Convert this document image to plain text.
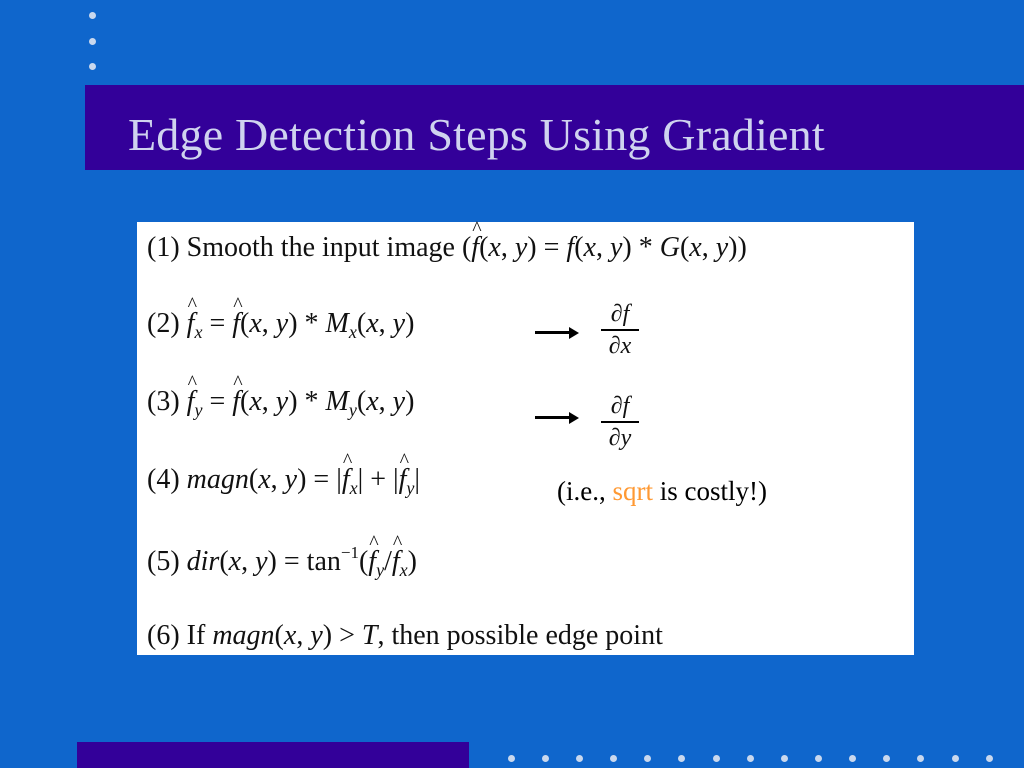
Edge Detection Steps Using Gradient
(1) Smooth the input image (^ f(x, y) = f(x, y) * G(x, y))
(2) ^ $f_x$ = ^ f(x, $y) * M_x(x$, y)	∂f
∂x
(3) ^ $f_y$ = ^ f(x, $y) * M_y(x$, y)	∂f
∂y
(4) magn(x, y) = |^ $f_x|$ + |^ $f_y|$	(i.e., sqrt is costly!)
(5) dir(x, $y) = \tan^{-1}(\^{}$ $f_y/\^{}$ $f_x$)
(6) If magn(x, y) > T, then possible edge point
